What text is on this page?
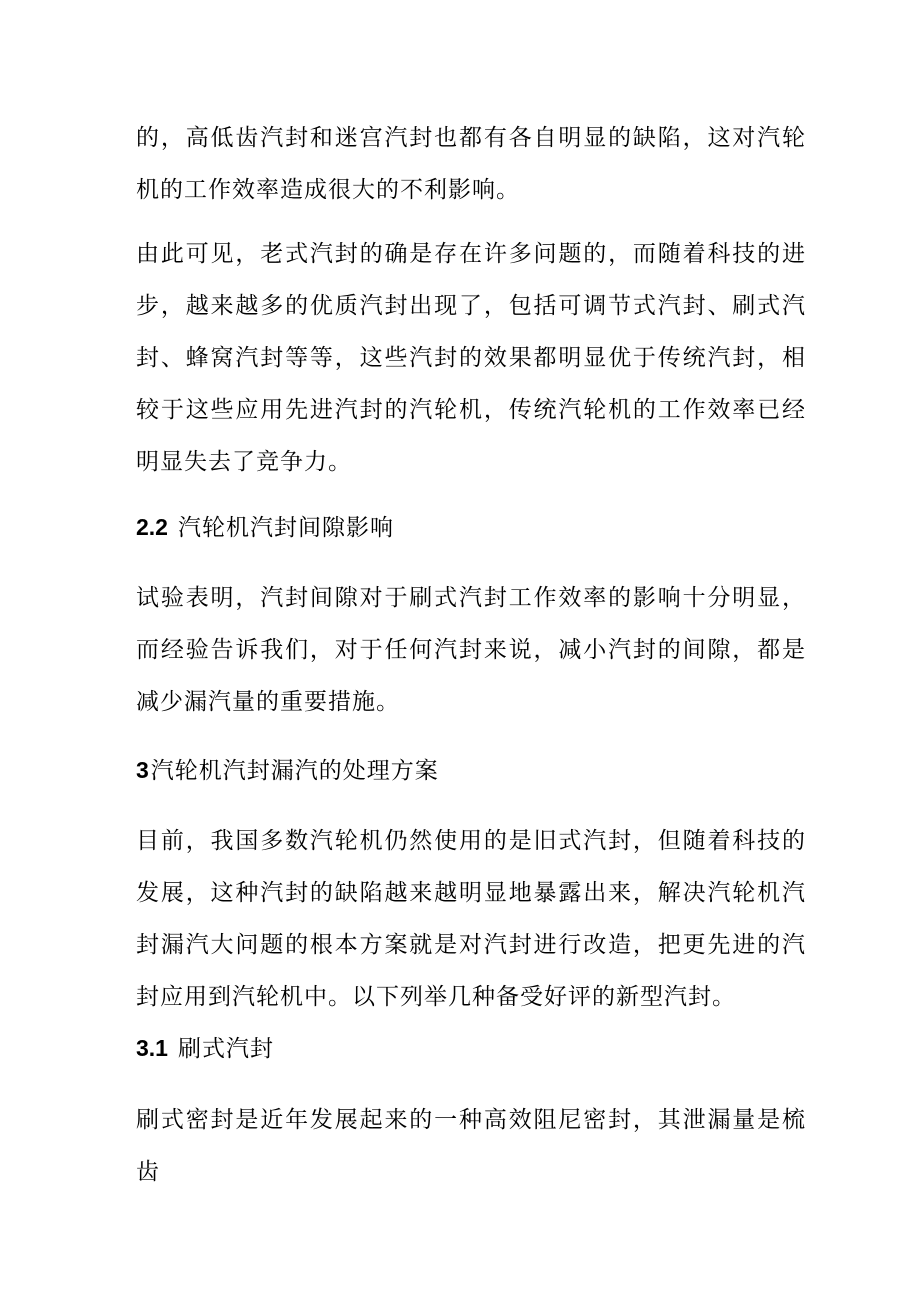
的，高低齿汽封和迷宫汽封也都有各自明显的缺陷，这对汽轮机的工作效率造成很大的不利影响。

由此可见，老式汽封的确是存在许多问题的，而随着科技的进步，越来越多的优质汽封出现了，包括可调节式汽封、刷式汽封、蜂窝汽封等等，这些汽封的效果都明显优于传统汽封，相较于这些应用先进汽封的汽轮机，传统汽轮机的工作效率已经明显失去了竞争力。

2.2 汽轮机汽封间隙影响

试验表明，汽封间隙对于刷式汽封工作效率的影响十分明显，而经验告诉我们，对于任何汽封来说，减小汽封的间隙，都是减少漏汽量的重要措施。

3汽轮机汽封漏汽的处理方案

目前，我国多数汽轮机仍然使用的是旧式汽封，但随着科技的发展，这种汽封的缺陷越来越明显地暴露出来，解决汽轮机汽封漏汽大问题的根本方案就是对汽封进行改造，把更先进的汽封应用到汽轮机中。以下列举几种备受好评的新型汽封。

3.1 刷式汽封

刷式密封是近年发展起来的一种高效阻尼密封，其泄漏量是梳齿
